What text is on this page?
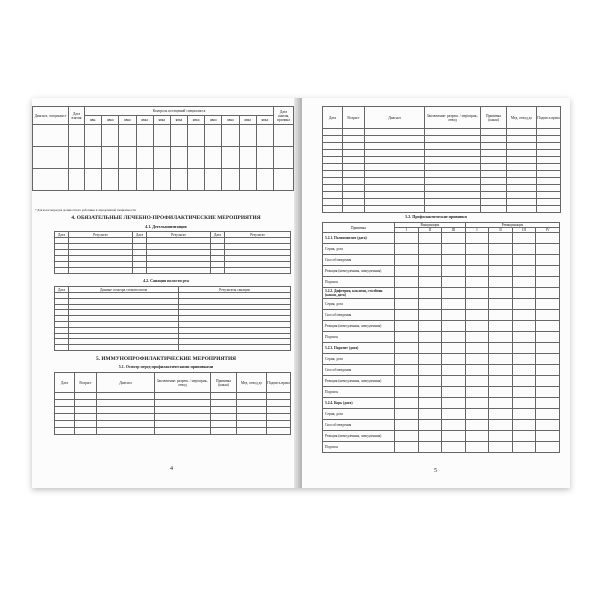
Диагноз, специалист	Дата взятия	Контроль посещений специалиста											Дата снятия, причина
		явн.	явка	явка	явка	явка	явка	явка	явка	явка	явка	явка	

* Для кологоворед на должностного работника и определенной специальности
4. ОБЯЗАТЕЛЬНЫЕ ЛЕЧЕБНО-ПРОФИЛАКТИЧЕСКИЕ МЕРОПРИЯТИЯ
4.1. Дегельминтизация
Дата	Результат	Дата	Результат	Дата	Результат

4.2. Санация полости рта
Дата	Данные осмотра стоматологом	Результаты санации

5. ИММУНОПРОФИЛАКТИЧЕСКИЕ МЕРОПРИЯТИЯ
5.1. Осмотр перед профилактическими прививками
Дата	Возраст	Диагноз	Заключение: разреш. / мероприя., отвод	Прививка (какая)	Мед. отвод до	Подпись врача

4
Дата	Возраст	Диагноз	Заключение: разреш. / мероприя., отвод	Прививка (какая)	Мед. отвод до	Подпись врача

5.2. Профилактические прививки
Прививка	Вакцинация			Ревакцинация			
	I	II	III	I	II	III	IV
5.2.1. Полиомиелит (дата)							
Серия, доза							
Способ введения							
Реакция (немедленная, замедленная)							
Подпись							
5.2.2. Дифтерия, коклюш, столбняк (какая, дата)							
Серия, доза							
Способ введения							
Реакция (немедленная, замедленная)							
Подпись							
5.2.3. Паротит (дата)							
Серия, доза							
Способ введения							
Реакция (немедленная, замедленная)							
Подпись							
5.2.4. Корь (дата)							
Серия, доза							
Способ введения							
Реакция (немедленная, замедленная)							
Подпись							
5
